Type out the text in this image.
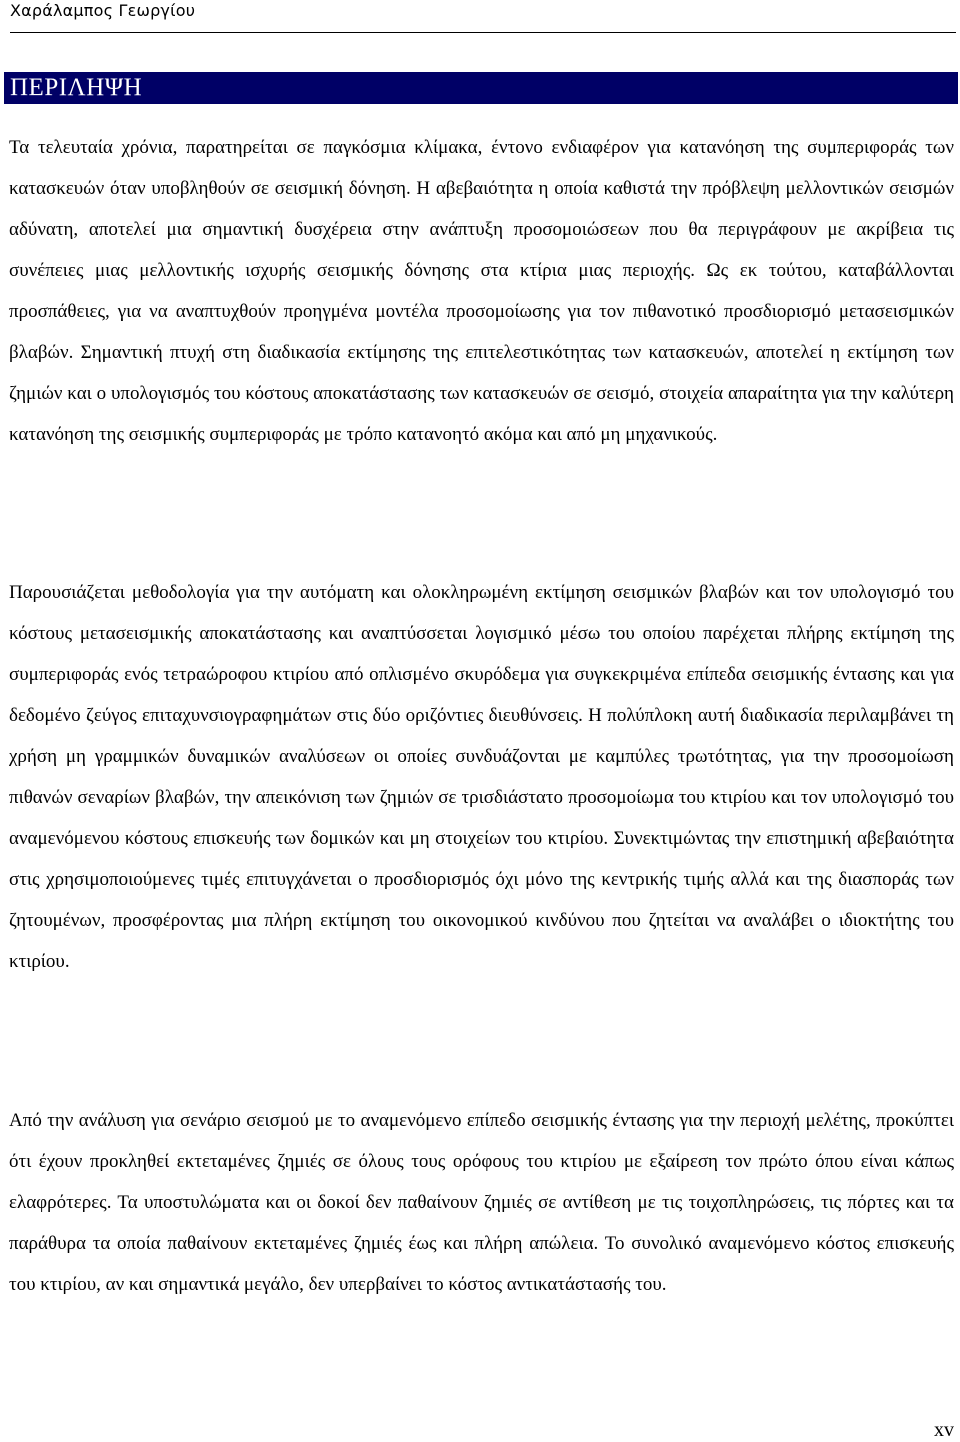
Χαράλαμπος Γεωργίου
ΠΕΡΙΛΗΨΗ

Τα τελευταία χρόνια, παρατηρείται σε παγκόσμια κλίμακα, έντονο ενδιαφέρον για κατανόηση της συμπεριφοράς των κατασκευών όταν υποβληθούν σε σεισμική δόνηση. Η αβεβαιότητα η οποία καθιστά την πρόβλεψη μελλοντικών σεισμών αδύνατη, αποτελεί μια σημαντική δυσχέρεια στην ανάπτυξη προσομοιώσεων που θα περιγράφουν με ακρίβεια τις συνέπειες μιας μελλοντικής ισχυρής σεισμικής δόνησης στα κτίρια μιας περιοχής. Ως εκ τούτου, καταβάλλονται προσπάθειες, για να αναπτυχθούν προηγμένα μοντέλα προσομοίωσης για τον πιθανοτικό προσδιορισμό μετασεισμικών βλαβών. Σημαντική πτυχή στη διαδικασία εκτίμησης της επιτελεστικότητας των κατασκευών, αποτελεί η εκτίμηση των ζημιών και ο υπολογισμός του κόστους αποκατάστασης των κατασκευών σε σεισμό, στοιχεία απαραίτητα για την καλύτερη κατανόηση της σεισμικής συμπεριφοράς με τρόπο κατανοητό ακόμα και από μη μηχανικούς.

Παρουσιάζεται μεθοδολογία για την αυτόματη και ολοκληρωμένη εκτίμηση σεισμικών βλαβών και τον υπολογισμό του κόστους μετασεισμικής αποκατάστασης και αναπτύσσεται λογισμικό μέσω του οποίου παρέχεται πλήρης εκτίμηση της συμπεριφοράς ενός τετραώροφου κτιρίου από οπλισμένο σκυρόδεμα για συγκεκριμένα επίπεδα σεισμικής έντασης και για δεδομένο ζεύγος επιταχυνσιογραφημάτων στις δύο οριζόντιες διευθύνσεις. Η πολύπλοκη αυτή διαδικασία περιλαμβάνει τη χρήση μη γραμμικών δυναμικών αναλύσεων οι οποίες συνδυάζονται με καμπύλες τρωτότητας, για την προσομοίωση πιθανών σεναρίων βλαβών, την απεικόνιση των ζημιών σε τρισδιάστατο προσομοίωμα του κτιρίου και τον υπολογισμό του αναμενόμενου κόστους επισκευής των δομικών και μη στοιχείων του κτιρίου. Συνεκτιμώντας την επιστημική αβεβαιότητα στις χρησιμοποιούμενες τιμές επιτυγχάνεται ο προσδιορισμός όχι μόνο της κεντρικής τιμής αλλά και της διασποράς των ζητουμένων, προσφέροντας μια πλήρη εκτίμηση του οικονομικού κινδύνου που ζητείται να αναλάβει ο ιδιοκτήτης του κτιρίου.

Από την ανάλυση για σενάριο σεισμού με το αναμενόμενο επίπεδο σεισμικής έντασης για την περιοχή μελέτης, προκύπτει ότι έχουν προκληθεί εκτεταμένες ζημιές σε όλους τους ορόφους του κτιρίου με εξαίρεση τον πρώτο όπου είναι κάπως ελαφρότερες. Τα υποστυλώματα και οι δοκοί δεν παθαίνουν ζημιές σε αντίθεση με τις τοιχοπληρώσεις, τις πόρτες και τα παράθυρα τα οποία παθαίνουν εκτεταμένες ζημιές έως και πλήρη απώλεια. Το συνολικό αναμενόμενο κόστος επισκευής του κτιρίου, αν και σημαντικά μεγάλο, δεν υπερβαίνει το κόστος αντικατάστασής του.

xv
